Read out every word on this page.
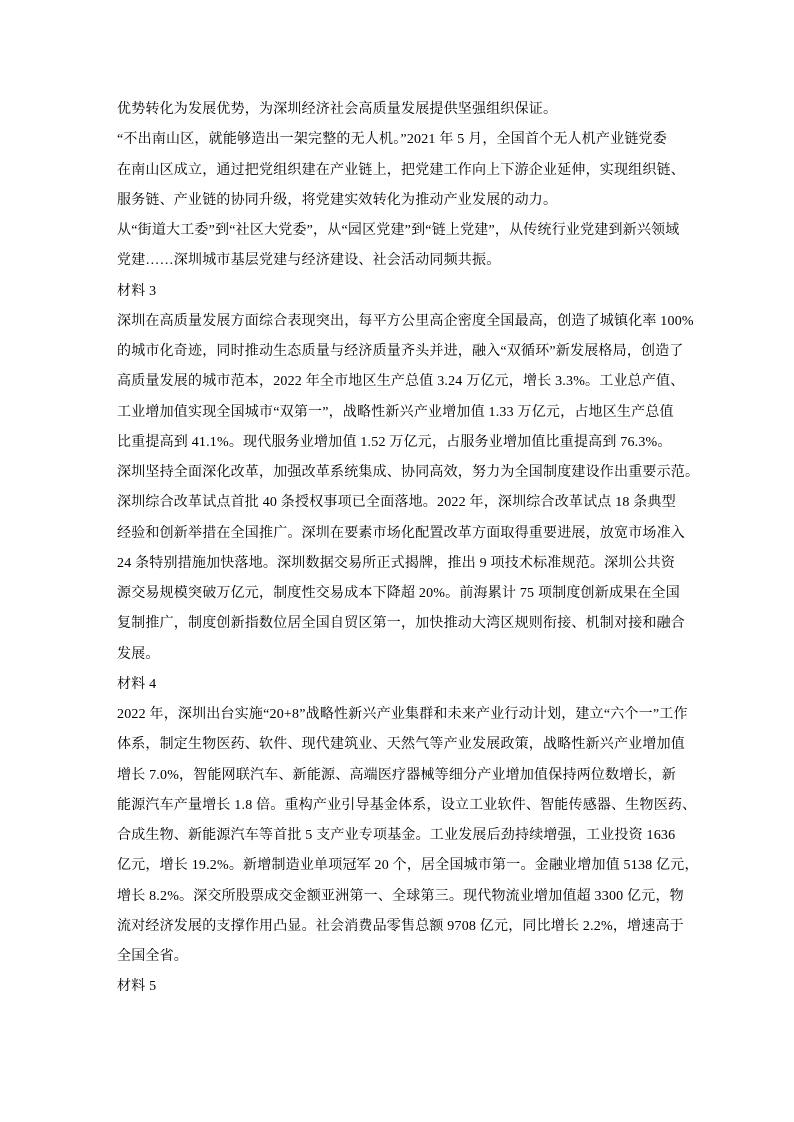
优势转化为发展优势，为深圳经济社会高质量发展提供坚强组织保证。
“不出南山区，就能够造出一架完整的无人机。”2021 年 5 月，全国首个无人机产业链党委
在南山区成立，通过把党组织建在产业链上，把党建工作向上下游企业延伸，实现组织链、
服务链、产业链的协同升级，将党建实效转化为推动产业发展的动力。
从“街道大工委”到“社区大党委”，从“园区党建”到“链上党建”，从传统行业党建到新兴领域
党建……深圳城市基层党建与经济建设、社会活动同频共振。
材料 3
深圳在高质量发展方面综合表现突出，每平方公里高企密度全国最高，创造了城镇化率 100%
的城市化奇迹，同时推动生态质量与经济质量齐头并进，融入“双循环”新发展格局，创造了
高质量发展的城市范本，2022 年全市地区生产总值 3.24 万亿元，增长 3.3%。工业总产值、
工业增加值实现全国城市“双第一”，战略性新兴产业增加值 1.33 万亿元，占地区生产总值
比重提高到 41.1%。现代服务业增加值 1.52 万亿元，占服务业增加值比重提高到 76.3%。
深圳坚持全面深化改革，加强改革系统集成、协同高效，努力为全国制度建设作出重要示范。
深圳综合改革试点首批 40 条授权事项已全面落地。2022 年，深圳综合改革试点 18 条典型
经验和创新举措在全国推广。深圳在要素市场化配置改革方面取得重要进展，放宽市场准入
24 条特别措施加快落地。深圳数据交易所正式揭牌，推出 9 项技术标准规范。深圳公共资
源交易规模突破万亿元，制度性交易成本下降超 20%。前海累计 75 项制度创新成果在全国
复制推广，制度创新指数位居全国自贸区第一，加快推动大湾区规则衔接、机制对接和融合
发展。
材料 4
2022 年，深圳出台实施“20+8”战略性新兴产业集群和未来产业行动计划，建立“六个一”工作
体系，制定生物医药、软件、现代建筑业、天然气等产业发展政策，战略性新兴产业增加值
增长 7.0%，智能网联汽车、新能源、高端医疗器械等细分产业增加值保持两位数增长，新
能源汽车产量增长 1.8 倍。重构产业引导基金体系，设立工业软件、智能传感器、生物医药、
合成生物、新能源汽车等首批 5 支产业专项基金。工业发展后劲持续增强，工业投资 1636
亿元，增长 19.2%。新增制造业单项冠军 20 个，居全国城市第一。金融业增加值 5138 亿元，
增长 8.2%。深交所股票成交金额亚洲第一、全球第三。现代物流业增加值超 3300 亿元，物
流对经济发展的支撑作用凸显。社会消费品零售总额 9708 亿元，同比增长 2.2%，增速高于
全国全省。
材料 5
